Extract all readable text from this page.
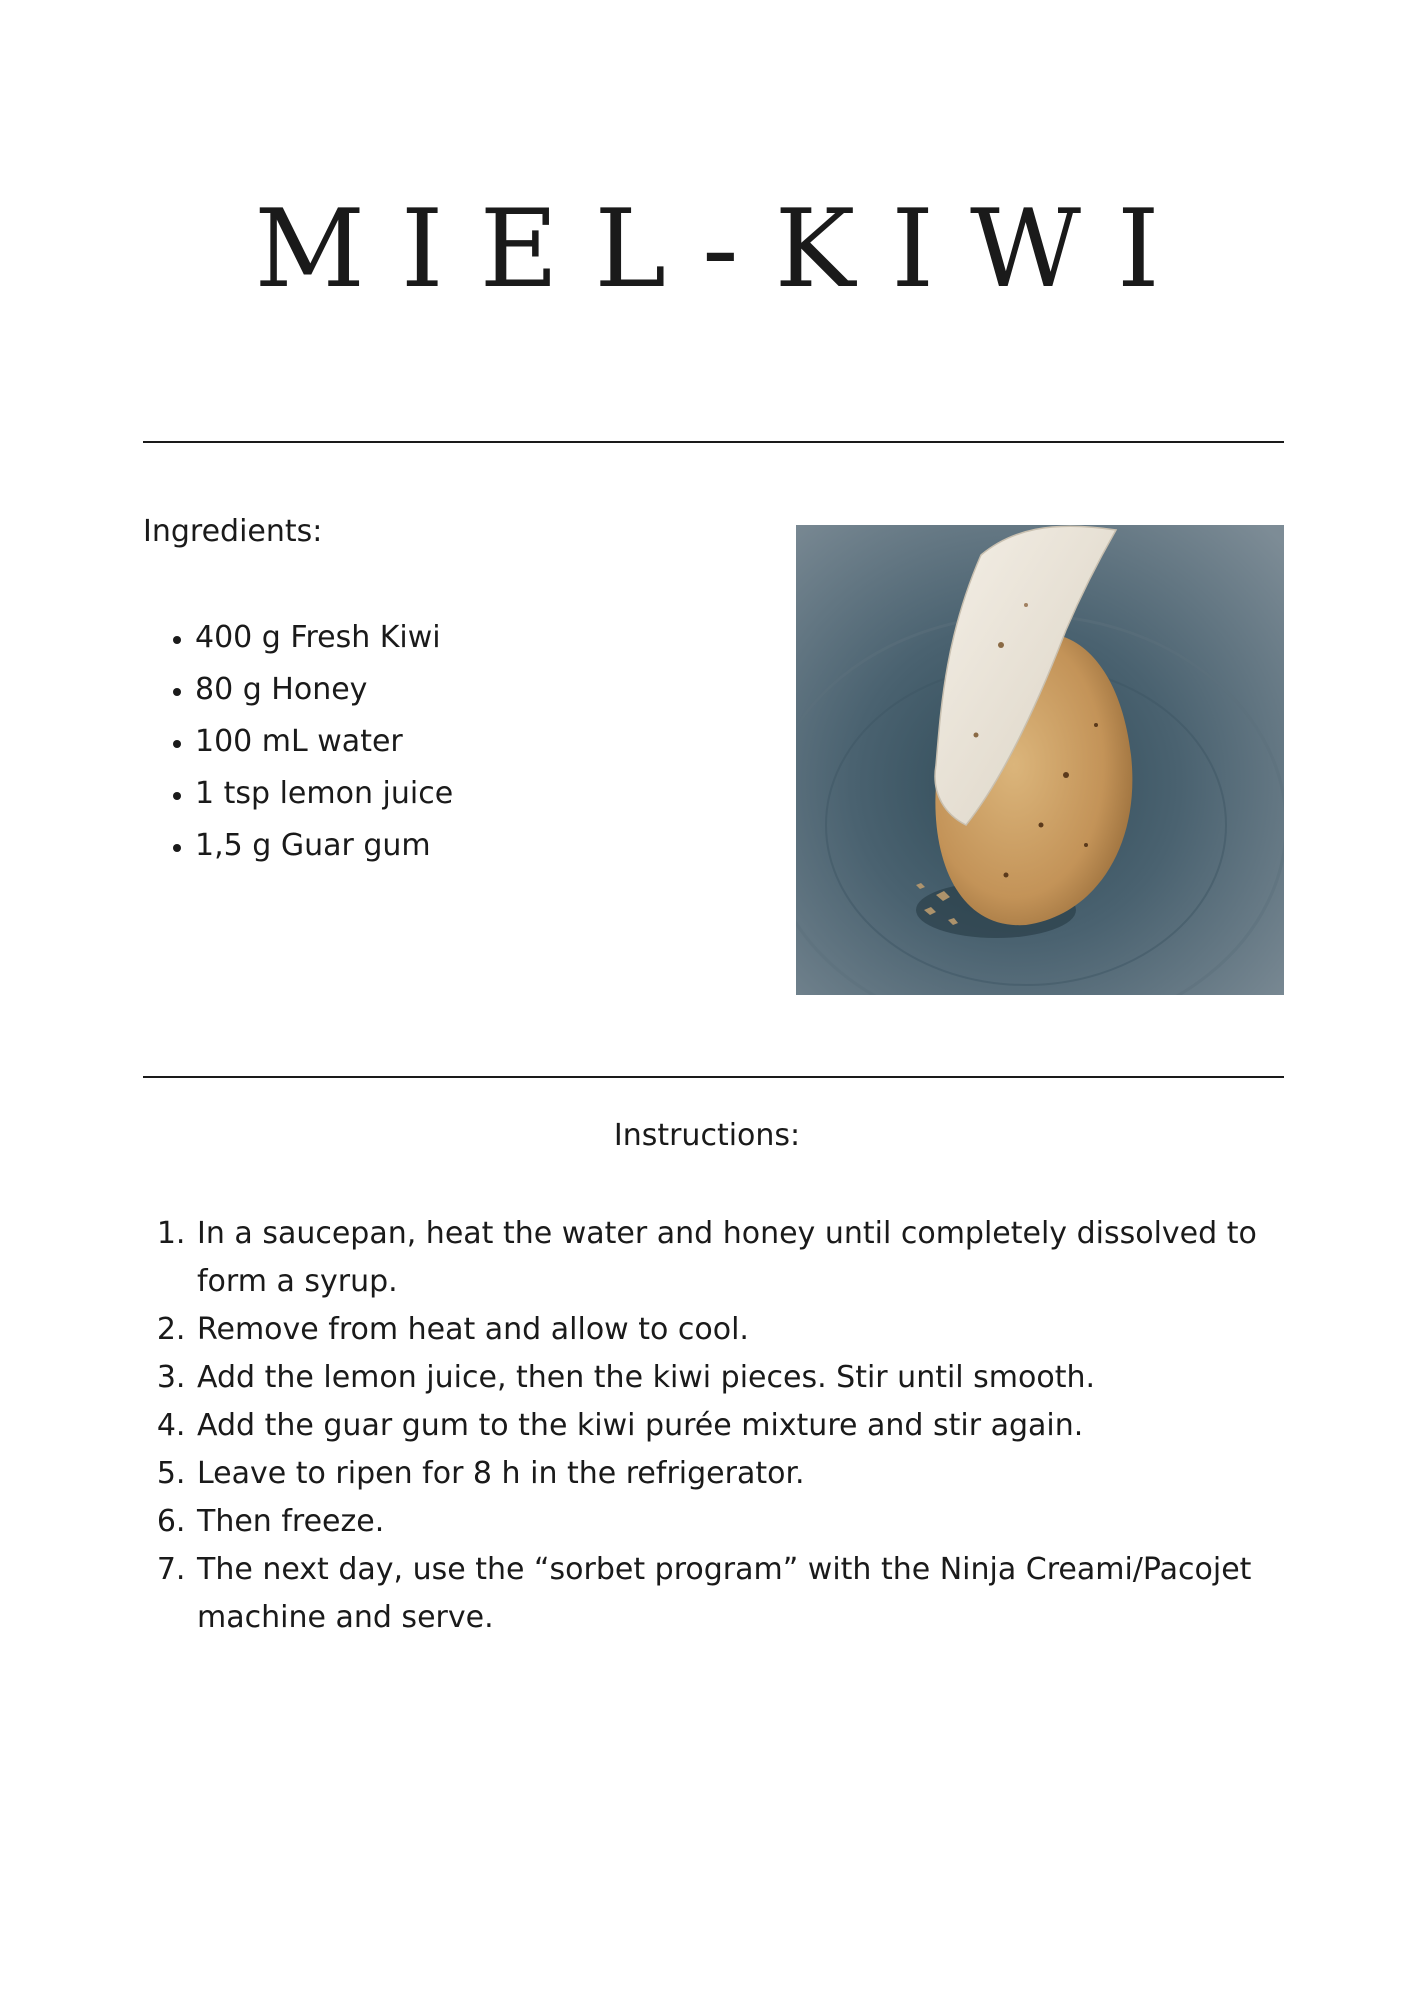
MIEL-KIWI
Ingredients:
• 400 g Fresh Kiwi
• 80 g Honey
• 100 mL water
• 1 tsp lemon juice
• 1,5 g Guar gum
Instructions:
1. In a saucepan, heat the water and honey until completely dissolved to form a syrup.
2. Remove from heat and allow to cool.
3. Add the lemon juice, then the kiwi pieces. Stir until smooth.
4. Add the guar gum to the kiwi purée mixture and stir again.
5. Leave to ripen for 8 h in the refrigerator.
6. Then freeze.
7. The next day, use the “sorbet program” with the Ninja Creami/Pacojet machine and serve.
